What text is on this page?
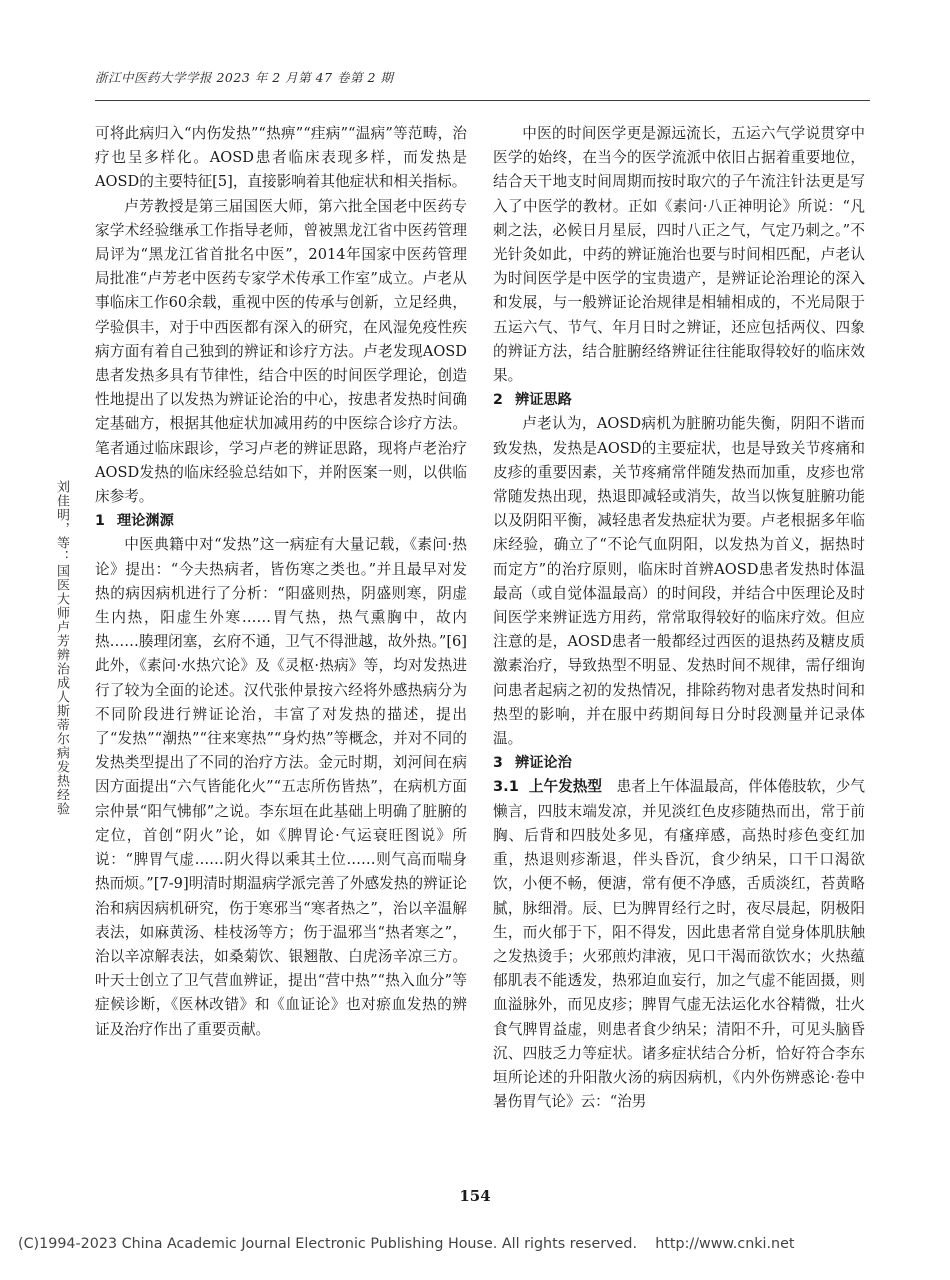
浙江中医药大学学报 2023 年 2 月第 47 卷第 2 期
刘佳明，等：国医大师卢芳辨治成人斯蒂尔病发热经验

可将此病归入“内伤发热”“热痹”“疰病”“温病”等范畴，治疗也呈多样化。AOSD患者临床表现多样，而发热是AOSD的主要特征[5]，直接影响着其他症状和相关指标。

卢芳教授是第三届国医大师，第六批全国老中医药专家学术经验继承工作指导老师，曾被黑龙江省中医药管理局评为“黑龙江省首批名中医”，2014年国家中医药管理局批准“卢芳老中医药专家学术传承工作室”成立。卢老从事临床工作60余载，重视中医的传承与创新，立足经典，学验俱丰，对于中西医都有深入的研究，在风湿免疫性疾病方面有着自己独到的辨证和诊疗方法。卢老发现AOSD患者发热多具有节律性，结合中医的时间医学理论，创造性地提出了以发热为辨证论治的中心，按患者发热时间确定基础方，根据其他症状加减用药的中医综合诊疗方法。笔者通过临床跟诊，学习卢老的辨证思路，现将卢老治疗AOSD发热的临床经验总结如下，并附医案一则，以供临床参考。

1 理论渊源

中医典籍中对“发热”这一病症有大量记载，《素问·热论》提出：“今夫热病者，皆伤寒之类也。”并且最早对发热的病因病机进行了分析：“阳盛则热，阴盛则寒，阴虚生内热，阳虚生外寒……胃气热，热气熏胸中，故内热……腠理闭塞，玄府不通，卫气不得泄越，故外热。”[6]此外，《素问·水热穴论》及《灵枢·热病》等，均对发热进行了较为全面的论述。汉代张仲景按六经将外感热病分为不同阶段进行辨证论治，丰富了对发热的描述，提出了“发热”“潮热”“往来寒热”“身灼热”等概念，并对不同的发热类型提出了不同的治疗方法。金元时期，刘河间在病因方面提出“六气皆能化火”“五志所伤皆热”，在病机方面宗仲景“阳气怫郁”之说。李东垣在此基础上明确了脏腑的定位，首创“阴火”论，如《脾胃论·气运衰旺图说》所说：“脾胃气虚……阴火得以乘其土位……则气高而喘身热而烦。”[7-9]明清时期温病学派完善了外感发热的辨证论治和病因病机研究，伤于寒邪当“寒者热之”，治以辛温解表法，如麻黄汤、桂枝汤等方；伤于温邪当“热者寒之”，治以辛凉解表法，如桑菊饮、银翘散、白虎汤辛凉三方。叶天士创立了卫气营血辨证，提出“营中热”“热入血分”等症候诊断，《医林改错》和《血证论》也对瘀血发热的辨证及治疗作出了重要贡献。

中医的时间医学更是源远流长，五运六气学说贯穿中医学的始终，在当今的医学流派中依旧占据着重要地位，结合天干地支时间周期而按时取穴的子午流注针法更是写入了中医学的教材。正如《素问·八正神明论》所说：“凡刺之法，必候日月星辰，四时八正之气，气定乃刺之。”不光针灸如此，中药的辨证施治也要与时间相匹配，卢老认为时间医学是中医学的宝贵遗产，是辨证论治理论的深入和发展，与一般辨证论治规律是相辅相成的，不光局限于五运六气、节气、年月日时之辨证，还应包括两仪、四象的辨证方法，结合脏腑经络辨证往往能取得较好的临床效果。

2 辨证思路

卢老认为，AOSD病机为脏腑功能失衡，阴阳不谐而致发热，发热是AOSD的主要症状，也是导致关节疼痛和皮疹的重要因素，关节疼痛常伴随发热而加重，皮疹也常常随发热出现，热退即减轻或消失，故当以恢复脏腑功能以及阴阳平衡，减轻患者发热症状为要。卢老根据多年临床经验，确立了“不论气血阴阳，以发热为首义，据热时而定方”的治疗原则，临床时首辨AOSD患者发热时体温最高（或自觉体温最高）的时间段，并结合中医理论及时间医学来辨证选方用药，常常取得较好的临床疗效。但应注意的是，AOSD患者一般都经过西医的退热药及糖皮质激素治疗，导致热型不明显、发热时间不规律，需仔细询问患者起病之初的发热情况，排除药物对患者发热时间和热型的影响，并在服中药期间每日分时段测量并记录体温。

3 辨证论治

3.1 上午发热型　 患者上午体温最高，伴体倦肢软，少气懒言，四肢末端发凉，并见淡红色皮疹随热而出，常于前胸、后背和四肢处多见，有瘙痒感，高热时疹色变红加重，热退则疹渐退，伴头昏沉，食少纳呆，口干口渴欲饮，小便不畅，便溏，常有便不净感，舌质淡红，苔黄略腻，脉细滑。辰、巳为脾胃经行之时，夜尽晨起，阴极阳生，而火郁于下，阳不得发，因此患者常自觉身体肌肤触之发热烫手；火邪煎灼津液，见口干渴而欲饮水；火热蕴郁肌表不能透发，热邪迫血妄行，加之气虚不能固摄，则血溢脉外，而见皮疹；脾胃气虚无法运化水谷精微，壮火食气脾胃益虚，则患者食少纳呆；清阳不升，可见头脑昏沉、四肢乏力等症状。诸多症状结合分析，恰好符合李东垣所论述的升阳散火汤的病因病机，《内外伤辨惑论·卷中暑伤胃气论》云：“治男

154
(C)1994-2023 China Academic Journal Electronic Publishing House. All rights reserved.    http://www.cnki.net
